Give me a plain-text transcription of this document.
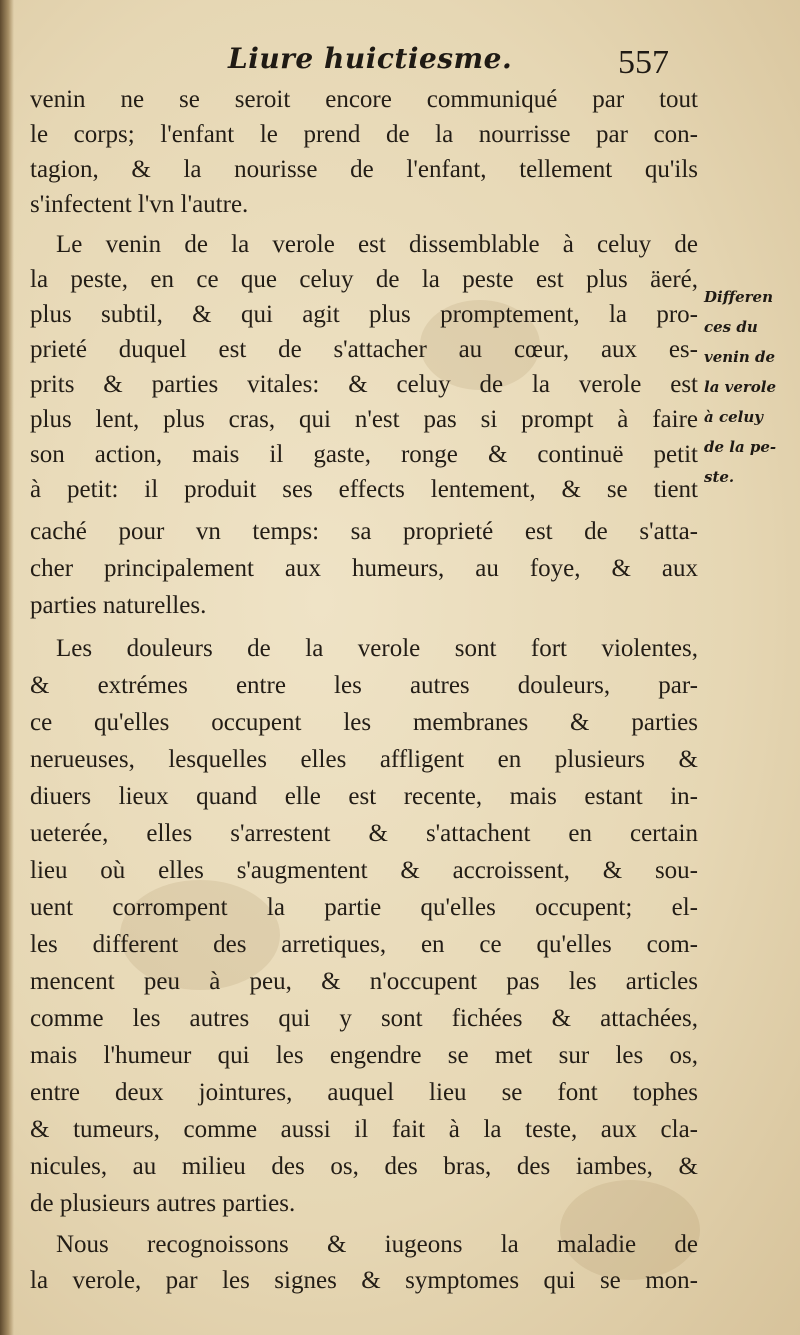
Liure huictiesme.	557
venin ne se seroit encore communiqué par tout
le corps; l'enfant le prend de la nourrisse par con-
tagion, & la nourisse de l'enfant, tellement qu'ils
s'infectent l'vn l'autre.
Le venin de la verole est dissemblable à celuy de
la peste, en ce que celuy de la peste est plus äeré,
plus subtil, & qui agit plus promptement, la pro-
prieté duquel est de s'attacher au cœur, aux es-
prits & parties vitales: & celuy de la verole est
plus lent, plus cras, qui n'est pas si prompt à faire
son action, mais il gaste, ronge & continuë petit
à petit: il produit ses effects lentement, & se tient
caché pour vn temps: sa proprieté est de s'atta-
cher principalement aux humeurs, au foye, & aux
parties naturelles.
Les douleurs de la verole sont fort violentes,
& extrémes entre les autres douleurs, par-
ce qu'elles occupent les membranes & parties
nerueuses, lesquelles elles affligent en plusieurs &
diuers lieux quand elle est recente, mais estant in-
ueterée, elles s'arrestent & s'attachent en certain
lieu où elles s'augmentent & accroissent, & sou-
uent corrompent la partie qu'elles occupent; el-
les different des arretiques, en ce qu'elles com-
mencent peu à peu, & n'occupent pas les articles
comme les autres qui y sont fichées & attachées,
mais l'humeur qui les engendre se met sur les os,
entre deux jointures, auquel lieu se font tophes
& tumeurs, comme aussi il fait à la teste, aux cla-
nicules, au milieu des os, des bras, des iambes, &
de plusieurs autres parties.
Nous recognoissons & iugeons la maladie de
la verole, par les signes & symptomes qui se mon-
Differen
ces du
venin de
la verole
à celuy
de la pe-
ste.
